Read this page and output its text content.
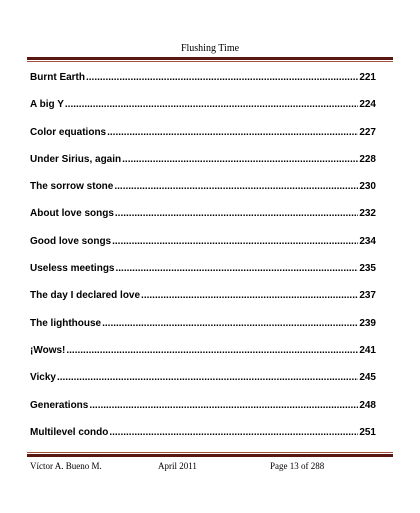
Flushing Time
Burnt Earth .....	221
A big Y .....	224
Color equations .....	227
Under Sirius, again .....	228
The sorrow stone .....	230
About love songs .....	232
Good love songs .....	234
Useless meetings .....	235
The day I declared love .....	237
The lighthouse .....	239
¡Wows! .....	241
Vicky .....	245
Generations .....	248
Multilevel condo .....	251
Víctor A. Bueno M.	April 2011	Page 13 of 288
